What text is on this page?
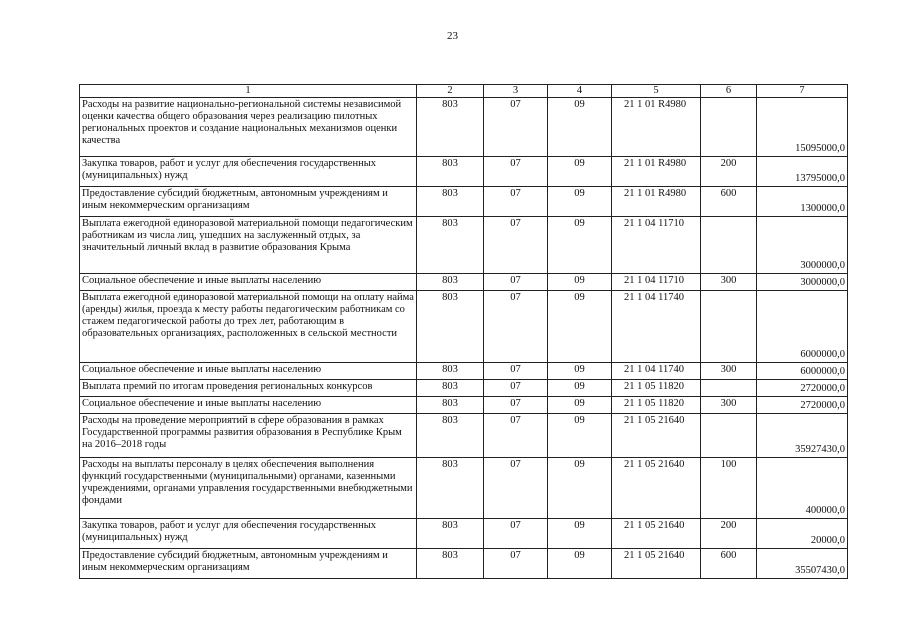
23
1	2	3	4	5	6	7
Расходы на развитие национально-региональной системы независимой оценки качества общего образования через реализацию пилотных региональных проектов и создание национальных механизмов оценки качества	803	07	09	21 1 01 R4980		15095000,0
Закупка товаров, работ и услуг для обеспечения государственных (муниципальных) нужд	803	07	09	21 1 01 R4980	200	13795000,0
Предоставление субсидий бюджетным, автономным учреждениям и иным некоммерческим организациям	803	07	09	21 1 01 R4980	600	1300000,0
Выплата ежегодной единоразовой материальной помощи педагогическим работникам из числа лиц, ушедших на заслуженный отдых, за значительный личный вклад в развитие образования Крыма	803	07	09	21 1 04 11710		3000000,0
Социальное обеспечение и иные выплаты населению	803	07	09	21 1 04 11710	300	3000000,0
Выплата ежегодной единоразовой материальной помощи на оплату найма (аренды) жилья, проезда к месту работы педагогическим работникам со стажем педагогической работы до трех лет, работающим в образовательных организациях, расположенных в сельской местности	803	07	09	21 1 04 11740		6000000,0
Социальное обеспечение и иные выплаты населению	803	07	09	21 1 04 11740	300	6000000,0
Выплата премий по итогам проведения региональных конкурсов	803	07	09	21 1 05 11820		2720000,0
Социальное обеспечение и иные выплаты населению	803	07	09	21 1 05 11820	300	2720000,0
Расходы на проведение мероприятий в сфере образования в рамках Государственной программы развития образования в Республике Крым на 2016–2018 годы	803	07	09	21 1 05 21640		35927430,0
Расходы на выплаты персоналу в целях обеспечения выполнения функций государственными (муниципальными) органами, казенными учреждениями, органами управления государственными внебюджетными фондами	803	07	09	21 1 05 21640	100	400000,0
Закупка товаров, работ и услуг для обеспечения государственных (муниципальных) нужд	803	07	09	21 1 05 21640	200	20000,0
Предоставление субсидий бюджетным, автономным учреждениям и иным некоммерческим организациям	803	07	09	21 1 05 21640	600	35507430,0
